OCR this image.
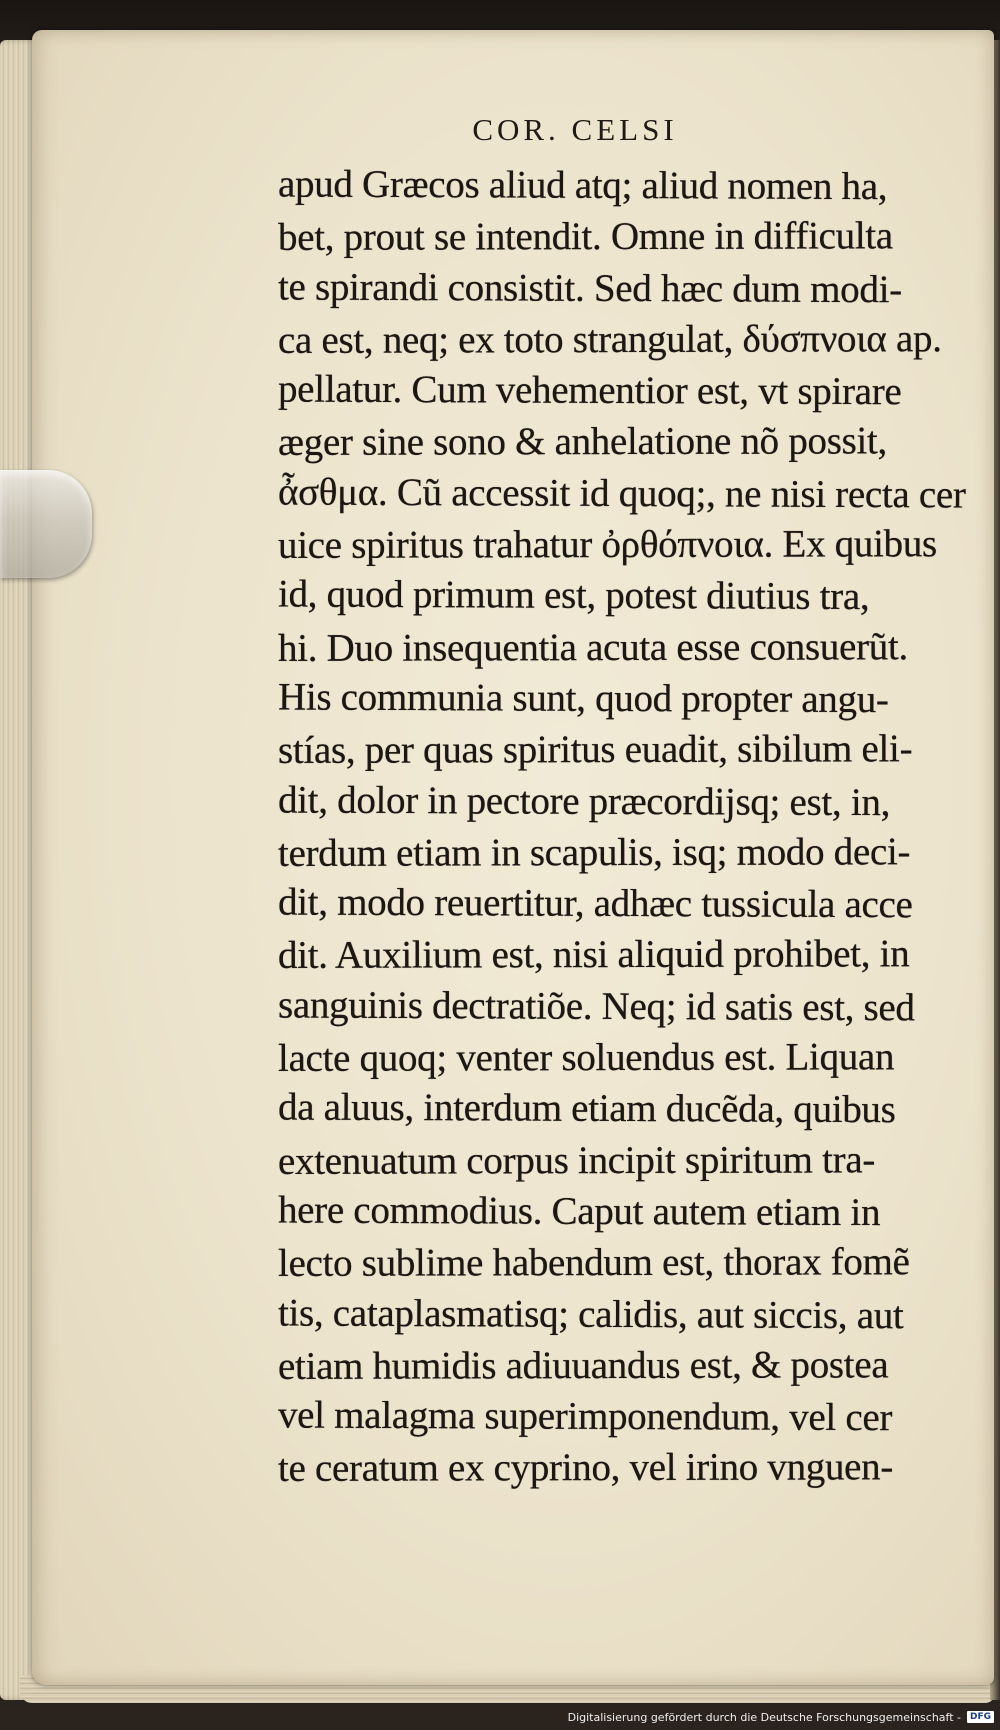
COR. CELSI
apud Græcos aliud atq; aliud nomen ha,
bet, prout se intendit. Omne in difficulta
te spirandi consistit. Sed hæc dum modi-
ca est, neq; ex toto strangulat, δύσπνοια ap.
pellatur. Cum vehementior est, vt spirare
æger sine sono & anhelatione nõ possit,
ἆσθμα. Cũ accessit id quoq;, ne nisi recta cer
uice spiritus trahatur ὀρθόπνοια. Ex quibus
id, quod primum est, potest diutius tra,
hi. Duo insequentia acuta esse consuerũt.
His communia sunt, quod propter angu-
stías, per quas spiritus euadit, sibilum eli-
dit, dolor in pectore præcordijsq; est, in,
terdum etiam in scapulis, isq; modo deci-
dit, modo reuertitur, adhæc tussicula acce
dit. Auxilium est, nisi aliquid prohibet, in
sanguinis dectratiõe. Neq; id satis est, sed
lacte quoq; venter soluendus est. Liquan
da aluus, interdum etiam ducẽda, quibus
extenuatum corpus incipit spiritum tra-
here commodius. Caput autem etiam in
lecto sublime habendum est, thorax fomẽ
tis, cataplasmatisq; calidis, aut siccis, aut
etiam humidis adiuuandus est, & postea
vel malagma superimponendum, vel cer
te ceratum ex cyprino, vel irino vnguen-
Digitalisierung gefördert durch die Deutsche Forschungsgemeinschaft -	DFG
